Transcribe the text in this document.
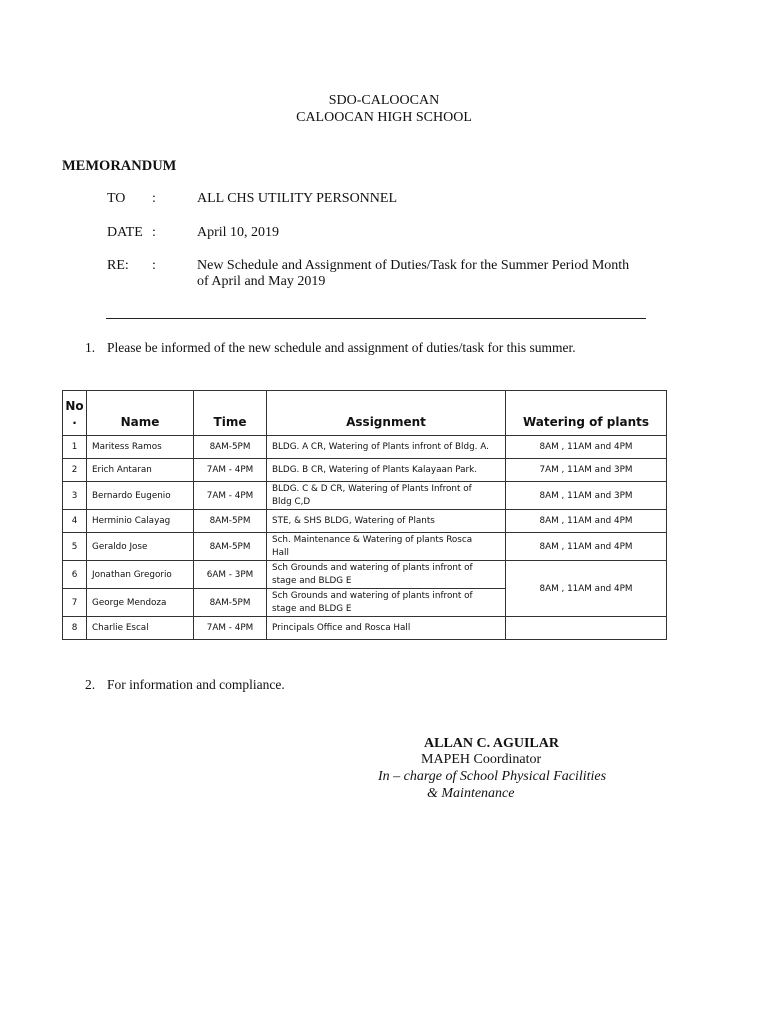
SDO-CALOOCAN
CALOOCAN HIGH SCHOOL
MEMORANDUM
TO :	ALL CHS UTILITY PERSONNEL
DATE :	April 10, 2019
RE: :	New Schedule and Assignment of Duties/Task for the Summer Period Month
of April and May 2019
1. Please be informed of the new schedule and assignment of duties/task for this summer.
No
.	Name	Time	Assignment	Watering of plants
1	Maritess Ramos	8AM-5PM	BLDG. A CR, Watering of Plants infront of Bldg. A.	8AM , 11AM and 4PM
2	Erich Antaran	7AM - 4PM	BLDG. B CR, Watering of Plants Kalayaan Park.	7AM , 11AM and 3PM
3	Bernardo Eugenio	7AM - 4PM	BLDG. C & D CR, Watering of Plants Infront of
Bldg C,D	8AM , 11AM and 3PM
4	Herminio Calayag	8AM-5PM	STE, & SHS BLDG, Watering of Plants	8AM , 11AM and 4PM
5	Geraldo Jose	8AM-5PM	Sch. Maintenance & Watering of plants Rosca
Hall	8AM , 11AM and 4PM
6	Jonathan Gregorio	6AM - 3PM	Sch Grounds and watering of plants infront of
stage and BLDG E	8AM , 11AM and 4PM
7	George Mendoza	8AM-5PM	Sch Grounds and watering of plants infront of
stage and BLDG E	

8	Charlie Escal	7AM - 4PM	Principals Office and Rosca Hall	
2. For information and compliance.
ALLAN C. AGUILAR
MAPEH Coordinator
In – charge of School Physical Facilities
& Maintenance
